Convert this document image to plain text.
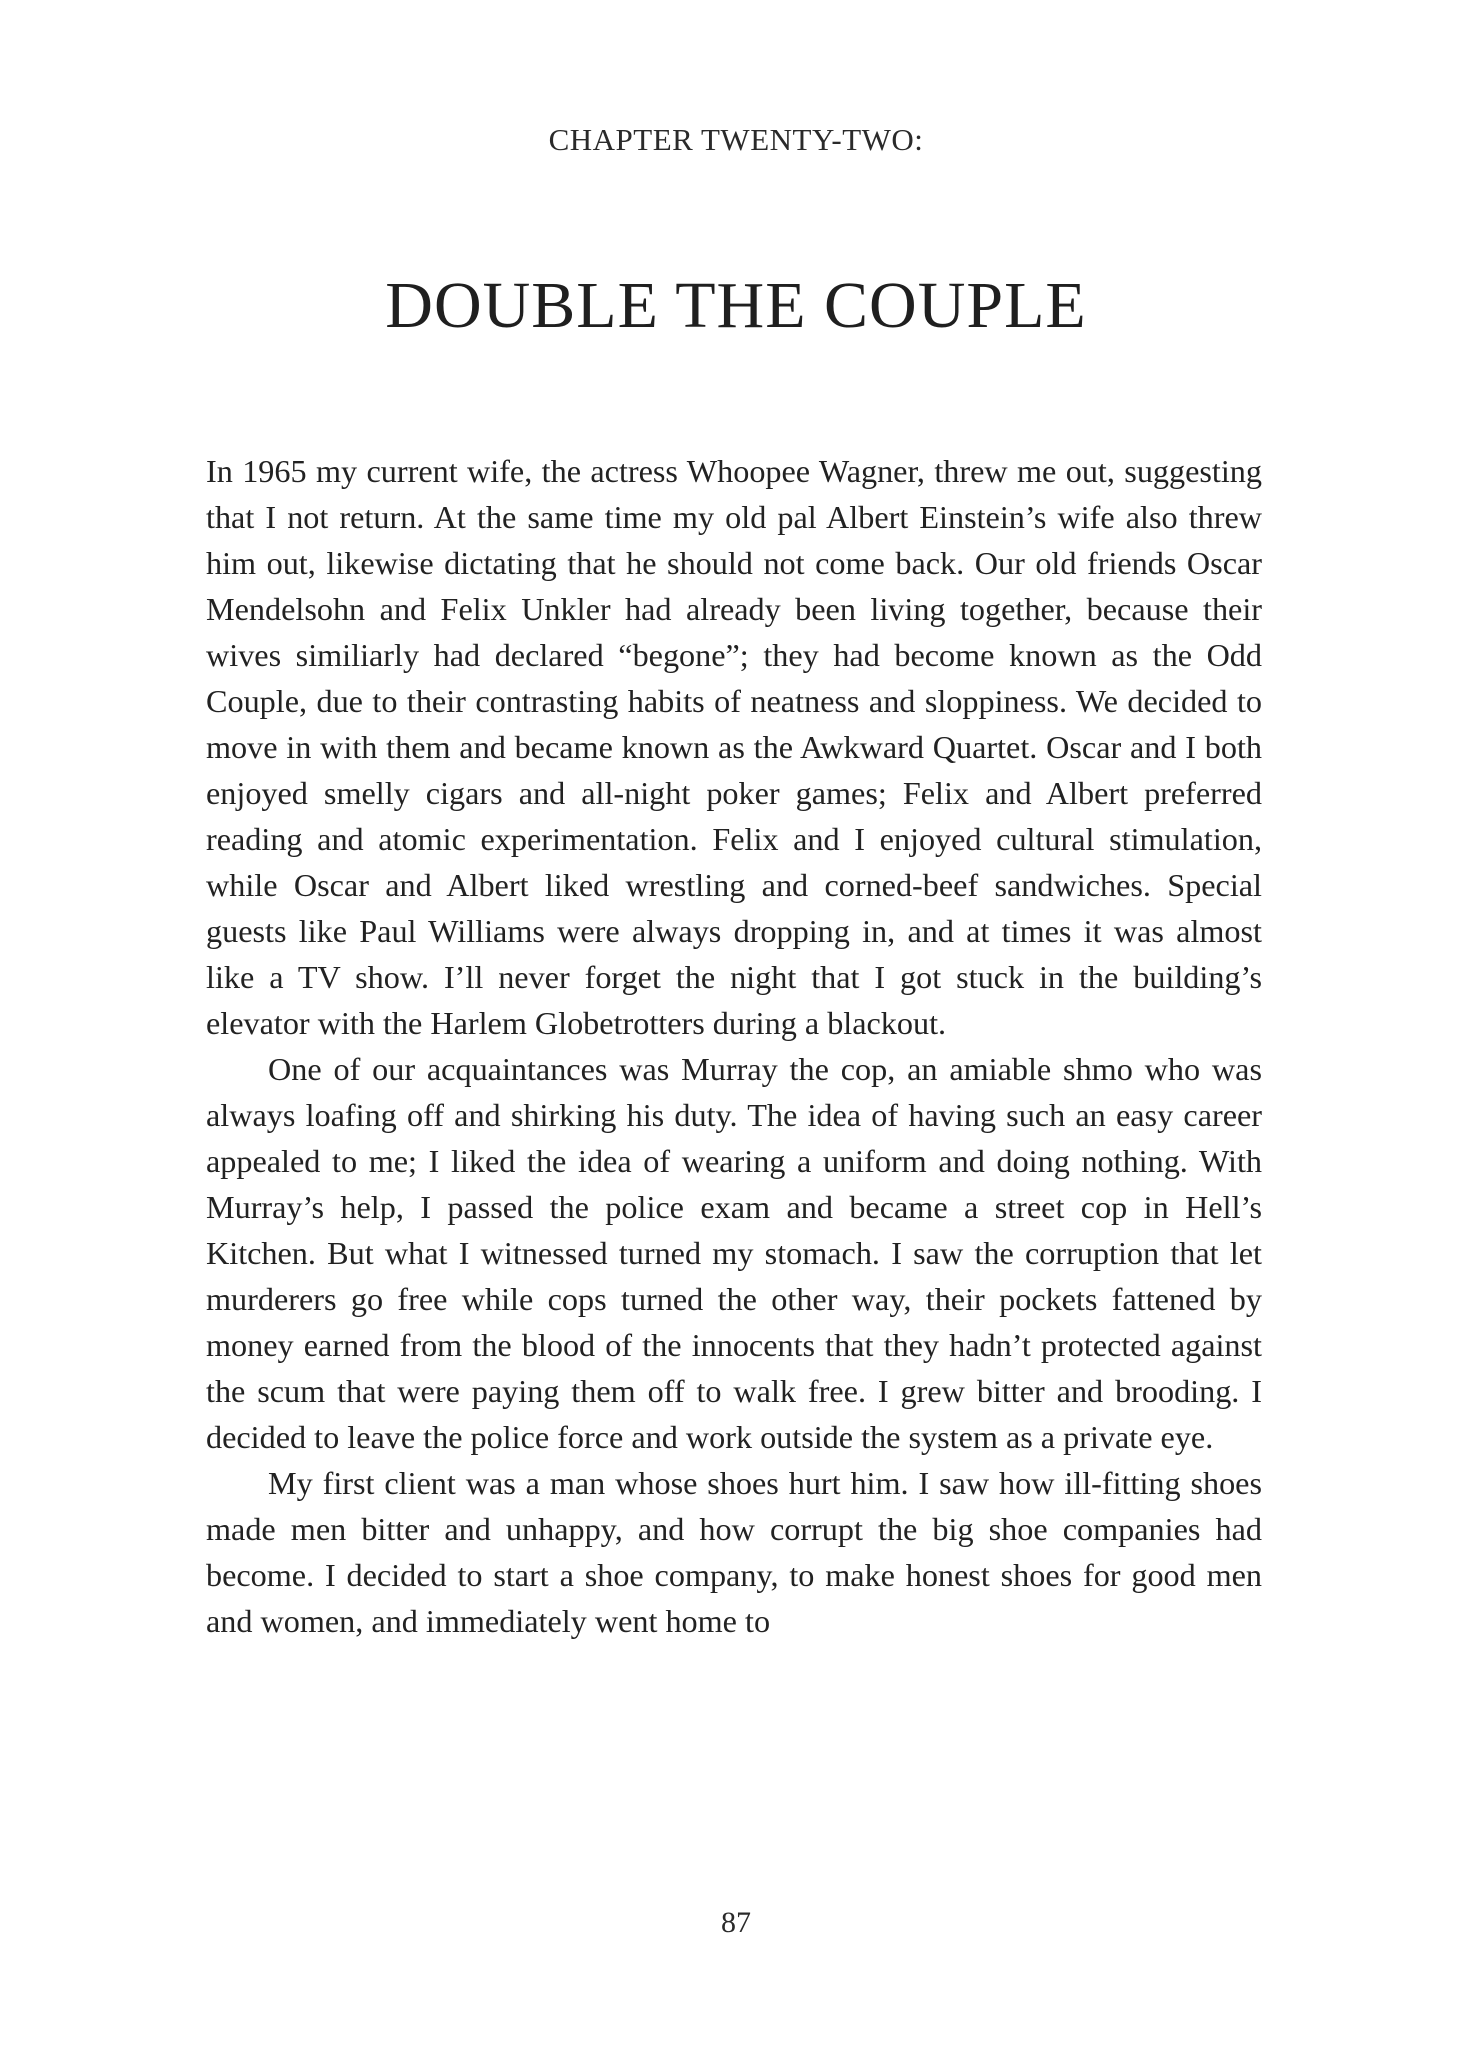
CHAPTER TWENTY-TWO:
DOUBLE THE COUPLE

In 1965 my current wife, the actress Whoopee Wagner, threw me out, suggesting that I not return. At the same time my old pal Albert Einstein’s wife also threw him out, likewise dictating that he should not come back. Our old friends Oscar Mendelsohn and Felix Unkler had already been living together, because their wives similiarly had declared “begone”; they had become known as the Odd Couple, due to their contrasting habits of neatness and sloppiness. We decided to move in with them and became known as the Awkward Quartet. Oscar and I both enjoyed smelly cigars and all-night poker games; Felix and Albert preferred reading and atomic experimentation. Felix and I enjoyed cultural stimulation, while Oscar and Albert liked wrestling and corned-beef sandwiches. Special guests like Paul Williams were always dropping in, and at times it was almost like a TV show. I’ll never forget the night that I got stuck in the building’s elevator with the Harlem Globetrotters during a blackout.

One of our acquaintances was Murray the cop, an amiable shmo who was always loafing off and shirking his duty. The idea of having such an easy career appealed to me; I liked the idea of wearing a uniform and doing nothing. With Murray’s help, I passed the police exam and became a street cop in Hell’s Kitchen. But what I witnessed turned my stomach. I saw the corruption that let murderers go free while cops turned the other way, their pockets fattened by money earned from the blood of the innocents that they hadn’t protected against the scum that were paying them off to walk free. I grew bitter and brooding. I decided to leave the police force and work outside the system as a private eye.

My first client was a man whose shoes hurt him. I saw how ill-fitting shoes made men bitter and unhappy, and how corrupt the big shoe companies had become. I decided to start a shoe company, to make honest shoes for good men and women, and immediately went home to

87
